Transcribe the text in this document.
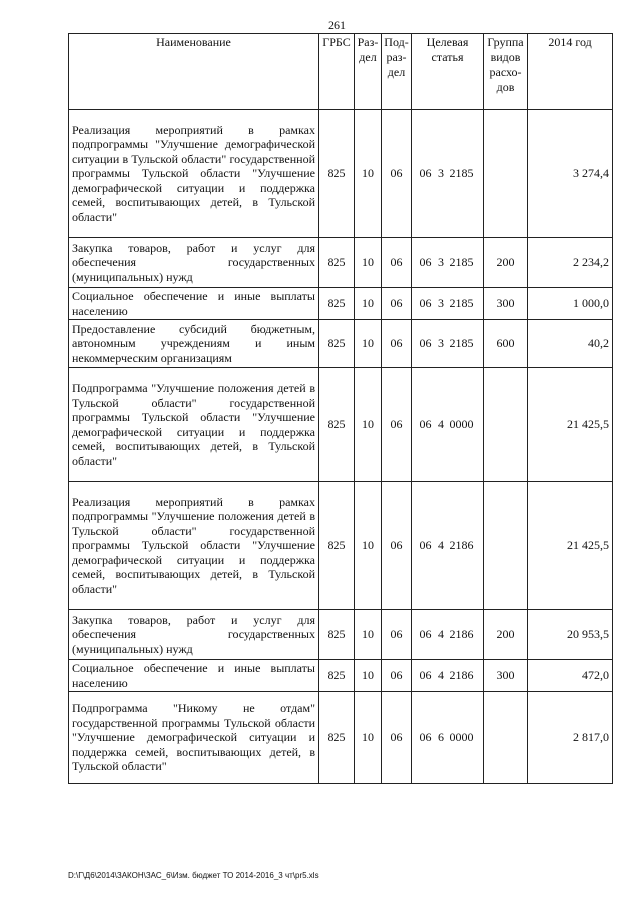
261
Наименование	ГРБС	Раз-дел	Под-раз-дел	Целевая статья			Группа видов расхо-дов	2014 год
Реализация мероприятий в рамках подпрограммы "Улучшение демографической ситуации в Тульской области" государственной программы Тульской области "Улучшение демографической ситуации и поддержка семей, воспитывающих детей, в Тульской области"	825	10	06	06	3	2185		3 274,4
Закупка товаров, работ и услуг для обеспечения государственных (муниципальных) нужд	825	10	06	06	3	2185	200	2 234,2
Социальное обеспечение и иные выплаты населению	825	10	06	06	3	2185	300	1 000,0
Предоставление субсидий бюджетным, автономным учреждениям и иным некоммерческим организациям	825	10	06	06	3	2185	600	40,2
Подпрограмма "Улучшение положения детей в Тульской области" государственной программы Тульской области "Улучшение демографической ситуации и поддержка семей, воспитывающих детей, в Тульской области"	825	10	06	06	4	0000		21 425,5
Реализация мероприятий в рамках подпрограммы "Улучшение положения детей в Тульской области" государственной программы Тульской области "Улучшение демографической ситуации и поддержка семей, воспитывающих детей, в Тульской области"	825	10	06	06	4	2186		21 425,5
Закупка товаров, работ и услуг для обеспечения государственных (муниципальных) нужд	825	10	06	06	4	2186	200	20 953,5
Социальное обеспечение и иные выплаты населению	825	10	06	06	4	2186	300	472,0
Подпрограмма "Никому не отдам" государственной программы Тульской области "Улучшение демографической ситуации и поддержка семей, воспитывающих детей, в Тульской области"	825	10	06	06	6	0000		2 817,0
D:\Г\Д6\2014\ЗАКОН\ЗАС_6\Изм. бюджет ТО 2014-2016_3 чт\pr5.xls
